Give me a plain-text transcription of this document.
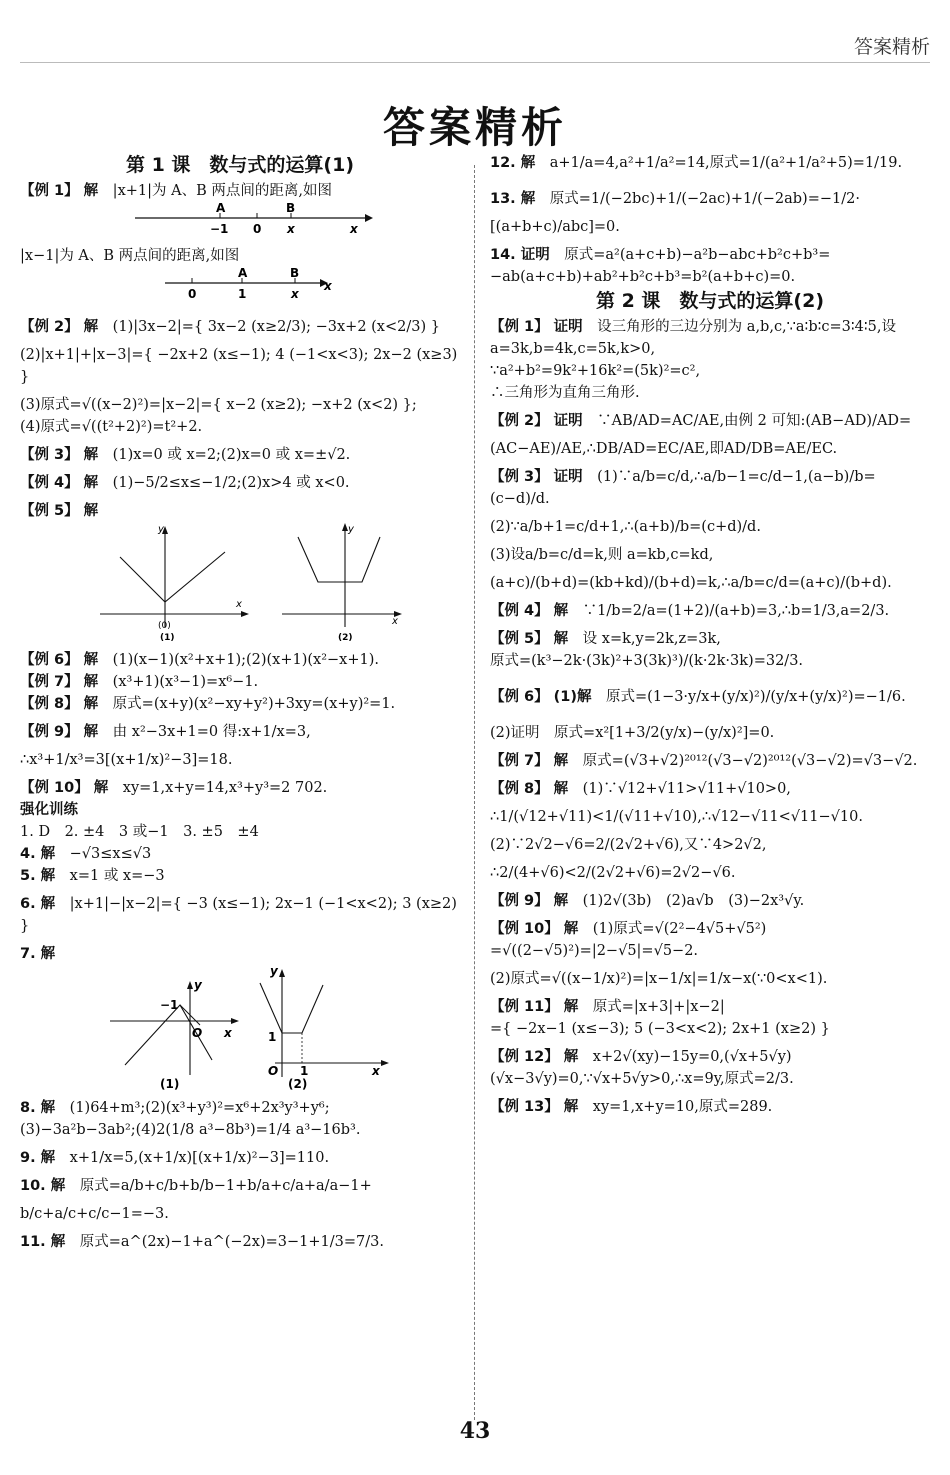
答案精析
答案精析
第 1 课　数与式的运算(1)

【例 1】 解　|x+1|为 A、B 两点间的距离,如图

A	B
−1 0 x	x

|x−1|为 A、B 两点间的距离,如图

A	B
0	1	x
x

【例 2】 解　(1)|3x−2|={ 3x−2 (x≥2/3); −3x+2 (x<2/3) }

(2)|x+1|+|x−3|={ −2x+2 (x≤−1); 4 (−1<x<3); 2x−2 (x≥3) }

(3)原式=√((x−2)²)=|x−2|={ x−2 (x≥2); −x+2 (x<2) };

(4)原式=√((t²+2)²)=t²+2.

【例 3】 解　(1)x=0 或 x=2;(2)x=0 或 x=±√2.

【例 4】 解　(1)−5/2≤x≤−1/2;(2)x>4 或 x<0.

【例 5】 解

y
x
(0)
(1)
y
x
(2)

【例 6】 解　(1)(x−1)(x²+x+1);(2)(x+1)(x²−x+1).

【例 7】 解　(x³+1)(x³−1)=x⁶−1.

【例 8】 解　原式=(x+y)(x²−xy+y²)+3xy=(x+y)²=1.

【例 9】 解　由 x²−3x+1=0 得:x+1/x=3,

∴x³+1/x³=3[(x+1/x)²−3]=18.

【例 10】 解　xy=1,x+y=14,x³+y³=2 702.

强化训练

1. D　2. ±4　3 或−1　3. ±5　±4

4. 解　−√3≤x≤√3

5. 解　x=1 或 x=−3

6. 解　|x+1|−|x−2|={ −3 (x≤−1); 2x−1 (−1<x<2); 3 (x≥2) }

7. 解

y
−1
O x
(1)
y
1
O 1	x
(2)

8. 解　(1)64+m³;(2)(x³+y³)²=x⁶+2x³y³+y⁶;

(3)−3a²b−3ab²;(4)2(1/8 a³−8b³)=1/4 a³−16b³.

9. 解　x+1/x=5,(x+1/x)[(x+1/x)²−3]=110.

10. 解　原式=a/b+c/b+b/b−1+b/a+c/a+a/a−1+

b/c+a/c+c/c−1=−3.

11. 解　原式=a^(2x)−1+a^(−2x)=3−1+1/3=7/3.

12. 解　a+1/a=4,a²+1/a²=14,原式=1/(a²+1/a²+5)=1/19.

13. 解　原式=1/(−2bc)+1/(−2ac)+1/(−2ab)=−1/2·

[(a+b+c)/abc]=0.

14. 证明　原式=a²(a+c+b)−a²b−abc+b²c+b³=

−ab(a+c+b)+ab²+b²c+b³=b²(a+b+c)=0.

第 2 课　数与式的运算(2)

【例 1】 证明　设三角形的三边分别为 a,b,c,∵a∶b∶c=3∶4∶5,设 a=3k,b=4k,c=5k,k>0,

∵a²+b²=9k²+16k²=(5k)²=c²,

∴三角形为直角三角形.

【例 2】 证明　∵AB/AD=AC/AE,由例 2 可知:(AB−AD)/AD=

(AC−AE)/AE,∴DB/AD=EC/AE,即AD/DB=AE/EC.

【例 3】 证明　(1)∵a/b=c/d,∴a/b−1=c/d−1,(a−b)/b=(c−d)/d.

(2)∵a/b+1=c/d+1,∴(a+b)/b=(c+d)/d.

(3)设a/b=c/d=k,则 a=kb,c=kd,

(a+c)/(b+d)=(kb+kd)/(b+d)=k,∴a/b=c/d=(a+c)/(b+d).

【例 4】 解　∵1/b=2/a=(1+2)/(a+b)=3,∴b=1/3,a=2/3.

【例 5】 解　设 x=k,y=2k,z=3k,

原式=(k³−2k·(3k)²+3(3k)³)/(k·2k·3k)=32/3.

【例 6】 (1)解　原式=(1−3·y/x+(y/x)²)/(y/x+(y/x)²)=−1/6.

(2)证明　原式=x²[1+3/2(y/x)−(y/x)²]=0.

【例 7】 解　原式=(√3+√2)²⁰¹²(√3−√2)²⁰¹²(√3−√2)=√3−√2.

【例 8】 解　(1)∵√12+√11>√11+√10>0,

∴1/(√12+√11)<1/(√11+√10),∴√12−√11<√11−√10.

(2)∵2√2−√6=2/(2√2+√6),又∵4>2√2,

∴2/(4+√6)<2/(2√2+√6)=2√2−√6.

【例 9】 解　(1)2√(3b)　(2)a√b　(3)−2x³√y.

【例 10】 解　(1)原式=√(2²−4√5+√5²)

=√((2−√5)²)=|2−√5|=√5−2.

(2)原式=√((x−1/x)²)=|x−1/x|=1/x−x(∵0<x<1).

【例 11】 解　原式=|x+3|+|x−2|

={ −2x−1 (x≤−3); 5 (−3<x<2); 2x+1 (x≥2) }

【例 12】 解　x+2√(xy)−15y=0,(√x+5√y)(√x−3√y)=0,∵√x+5√y>0,∴x=9y,原式=2/3.

【例 13】 解　xy=1,x+y=10,原式=289.

43
